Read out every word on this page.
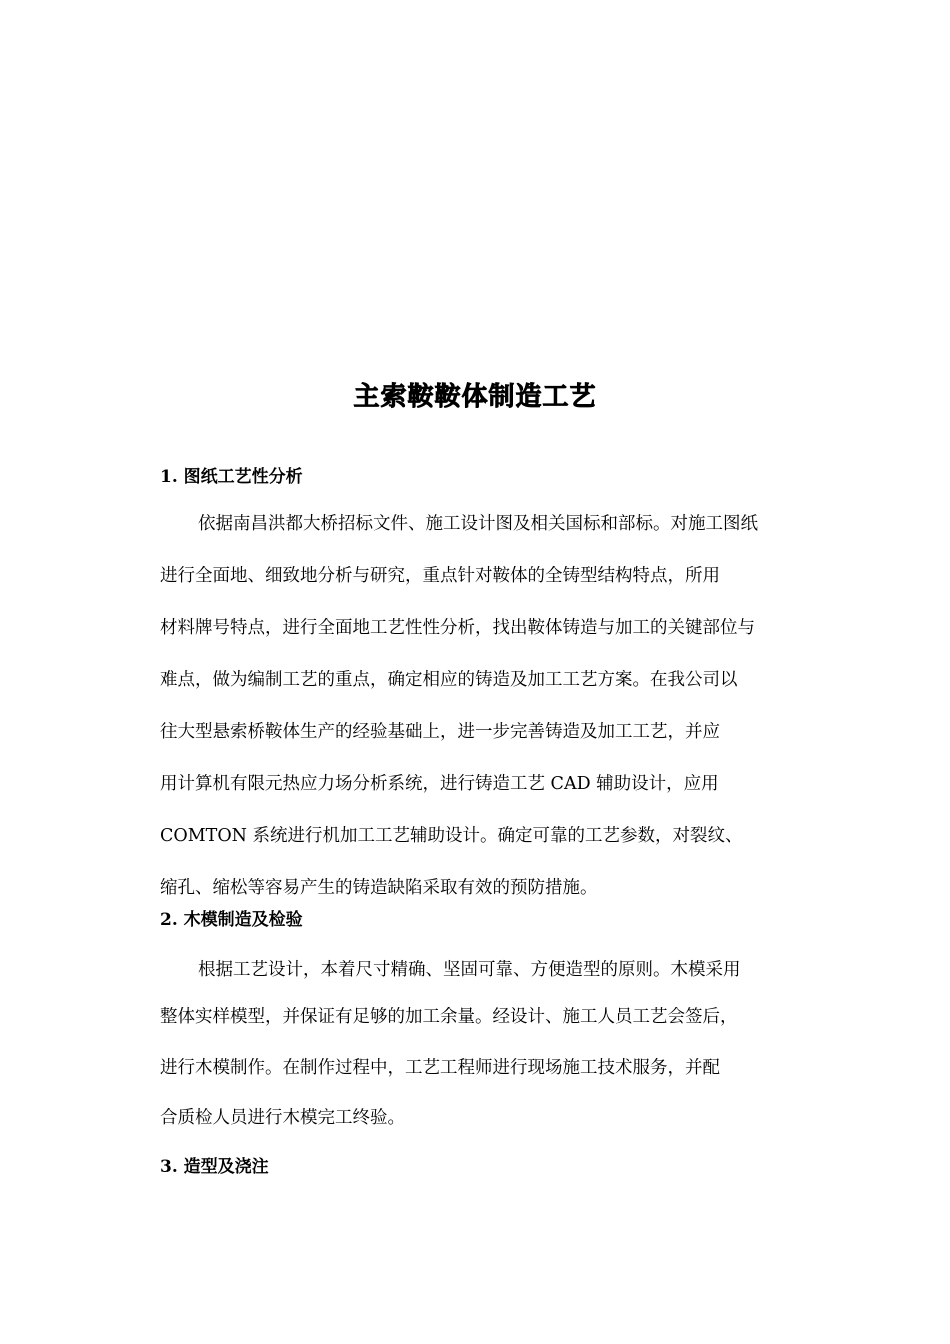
主索鞍鞍体制造工艺
1. 图纸工艺性分析
依据南昌洪都大桥招标文件、施工设计图及相关国标和部标。对施工图纸
进行全面地、细致地分析与研究，重点针对鞍体的全铸型结构特点，所用
材料牌号特点，进行全面地工艺性性分析，找出鞍体铸造与加工的关键部位与
难点，做为编制工艺的重点，确定相应的铸造及加工工艺方案。在我公司以
往大型悬索桥鞍体生产的经验基础上，进一步完善铸造及加工工艺，并应
用计算机有限元热应力场分析系统，进行铸造工艺 CAD 辅助设计，应用
COMTON 系统进行机加工工艺辅助设计。确定可靠的工艺参数，对裂纹、
缩孔、缩松等容易产生的铸造缺陷采取有效的预防措施。
2. 木模制造及检验
根据工艺设计，本着尺寸精确、坚固可靠、方便造型的原则。木模采用
整体实样模型，并保证有足够的加工余量。经设计、施工人员工艺会签后，
进行木模制作。在制作过程中，工艺工程师进行现场施工技术服务，并配
合质检人员进行木模完工终验。
3. 造型及浇注
